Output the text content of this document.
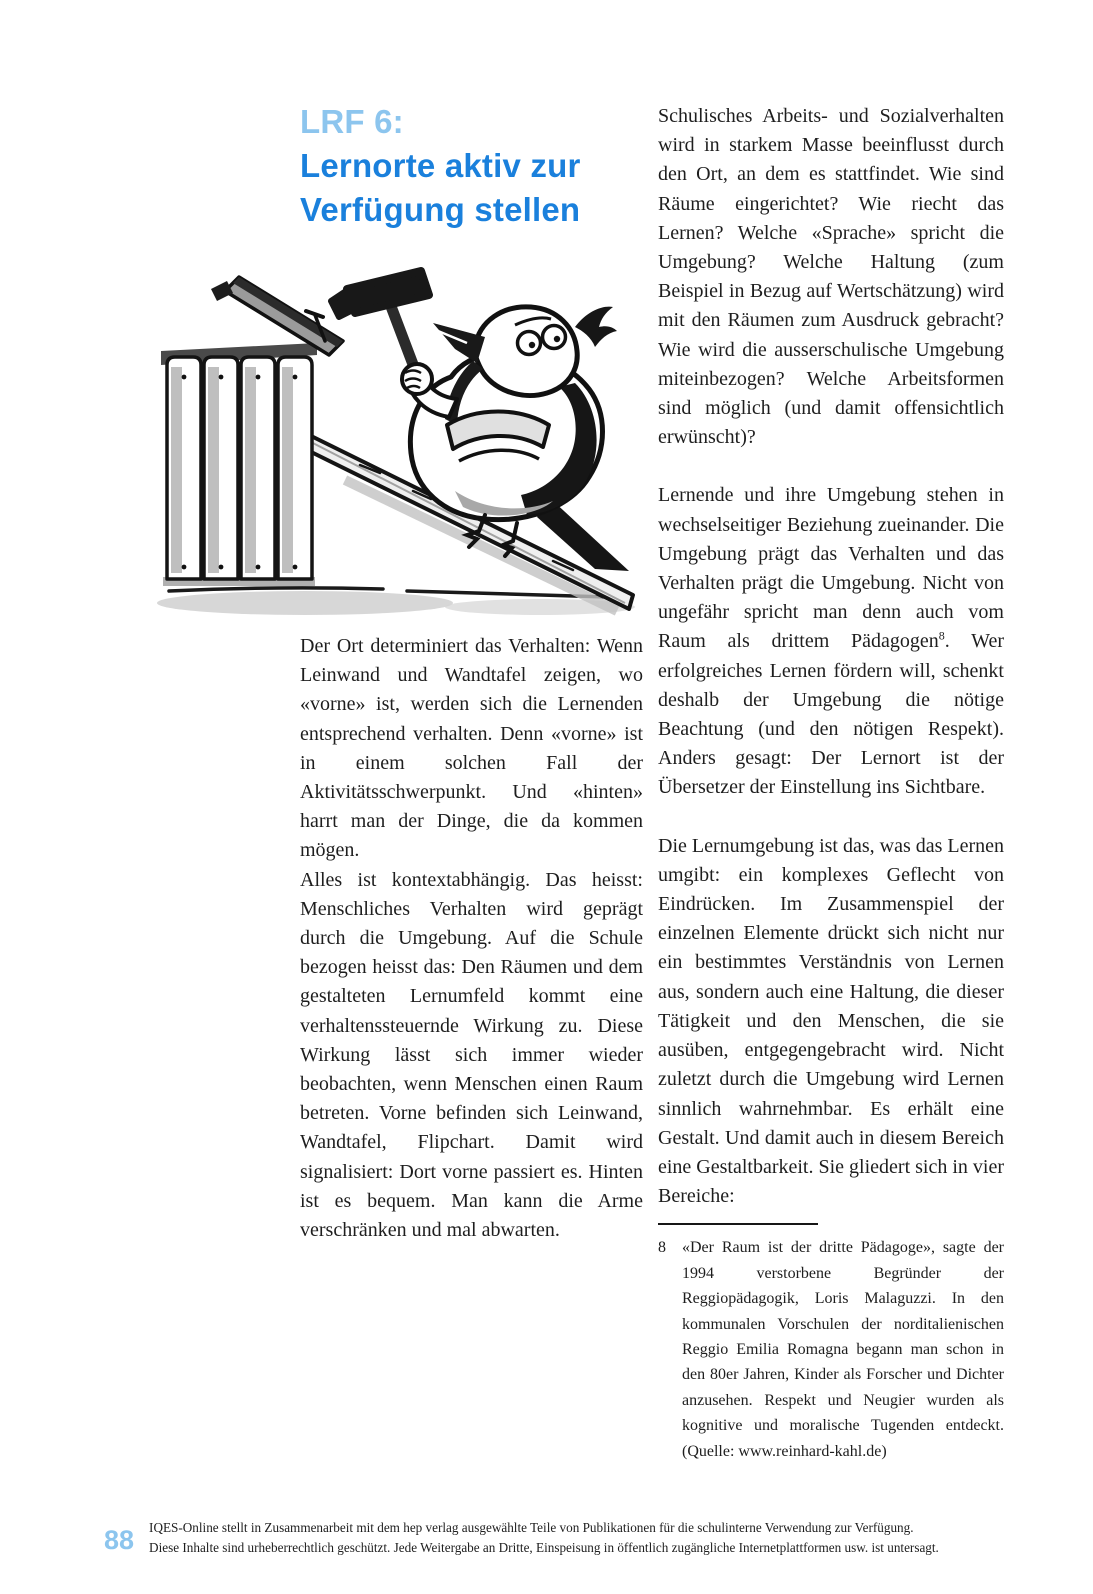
LRF 6:
Lernorte aktiv zur
Verfügung stellen

Der Ort determiniert das Verhalten: Wenn Leinwand und Wandtafel zeigen, wo «vorne» ist, werden sich die Lernenden entsprechend verhalten. Denn «vorne» ist in einem solchen Fall der Aktivitätsschwerpunkt. Und «hinten» harrt man der Dinge, die da kommen mögen.

Alles ist kontextabhängig. Das heisst: Menschliches Verhalten wird geprägt durch die Umgebung. Auf die Schule bezogen heisst das: Den Räumen und dem gestalteten Lernumfeld kommt eine verhaltenssteuernde Wirkung zu. Diese Wirkung lässt sich immer wieder beobachten, wenn Menschen einen Raum betreten. Vorne befinden sich Leinwand, Wandtafel, Flipchart. Damit wird signalisiert: Dort vorne passiert es. Hinten ist es bequem. Man kann die Arme verschränken und mal abwarten.

Schulisches Arbeits- und Sozialverhalten wird in starkem Masse beeinflusst durch den Ort, an dem es stattfindet. Wie sind Räume eingerichtet? Wie riecht das Lernen? Welche «Sprache» spricht die Umgebung? Welche Haltung (zum Beispiel in Bezug auf Wertschätzung) wird mit den Räumen zum Ausdruck gebracht? Wie wird die ausserschulische Umgebung miteinbezogen? Welche Arbeitsformen sind möglich (und damit offensichtlich erwünscht)?

Lernende und ihre Umgebung stehen in wechselseitiger Beziehung zueinander. Die Umgebung prägt das Verhalten und das Verhalten prägt die Umgebung. Nicht von ungefähr spricht man denn auch vom Raum als drittem Pädagogen$^8$. Wer erfolgreiches Lernen fördern will, schenkt deshalb der Umgebung die nötige Beachtung (und den nötigen Respekt). Anders gesagt: Der Lernort ist der Übersetzer der Einstellung ins Sichtbare.

Die Lernumgebung ist das, was das Lernen umgibt: ein komplexes Geflecht von Eindrücken. Im Zusammenspiel der einzelnen Elemente drückt sich nicht nur ein bestimmtes Verständnis von Lernen aus, sondern auch eine Haltung, die dieser Tätigkeit und den Menschen, die sie ausüben, entgegengebracht wird. Nicht zuletzt durch die Umgebung wird Lernen sinnlich wahrnehmbar. Es erhält eine Gestalt. Und damit auch in diesem Bereich eine Gestaltbarkeit. Sie gliedert sich in vier Bereiche:

8	«Der Raum ist der dritte Pädagoge», sagte der 1994 verstorbene Begründer der Reggiopädagogik, Loris Malaguzzi. In den kommunalen Vorschulen der norditalienischen Reggio Emilia Romagna begann man schon in den 80er Jahren, Kinder als Forscher und Dichter anzusehen. Respekt und Neugier wurden als kognitive und moralische Tugenden entdeckt. (Quelle: www.reinhard-kahl.de)
88 IQES-Online stellt in Zusammenarbeit mit dem hep verlag ausgewählte Teile von Publikationen für die schulinterne Verwendung zur Verfügung.
Diese Inhalte sind urheberrechtlich geschützt. Jede Weitergabe an Dritte, Einspeisung in öffentlich zugängliche Internetplattformen usw. ist untersagt.
